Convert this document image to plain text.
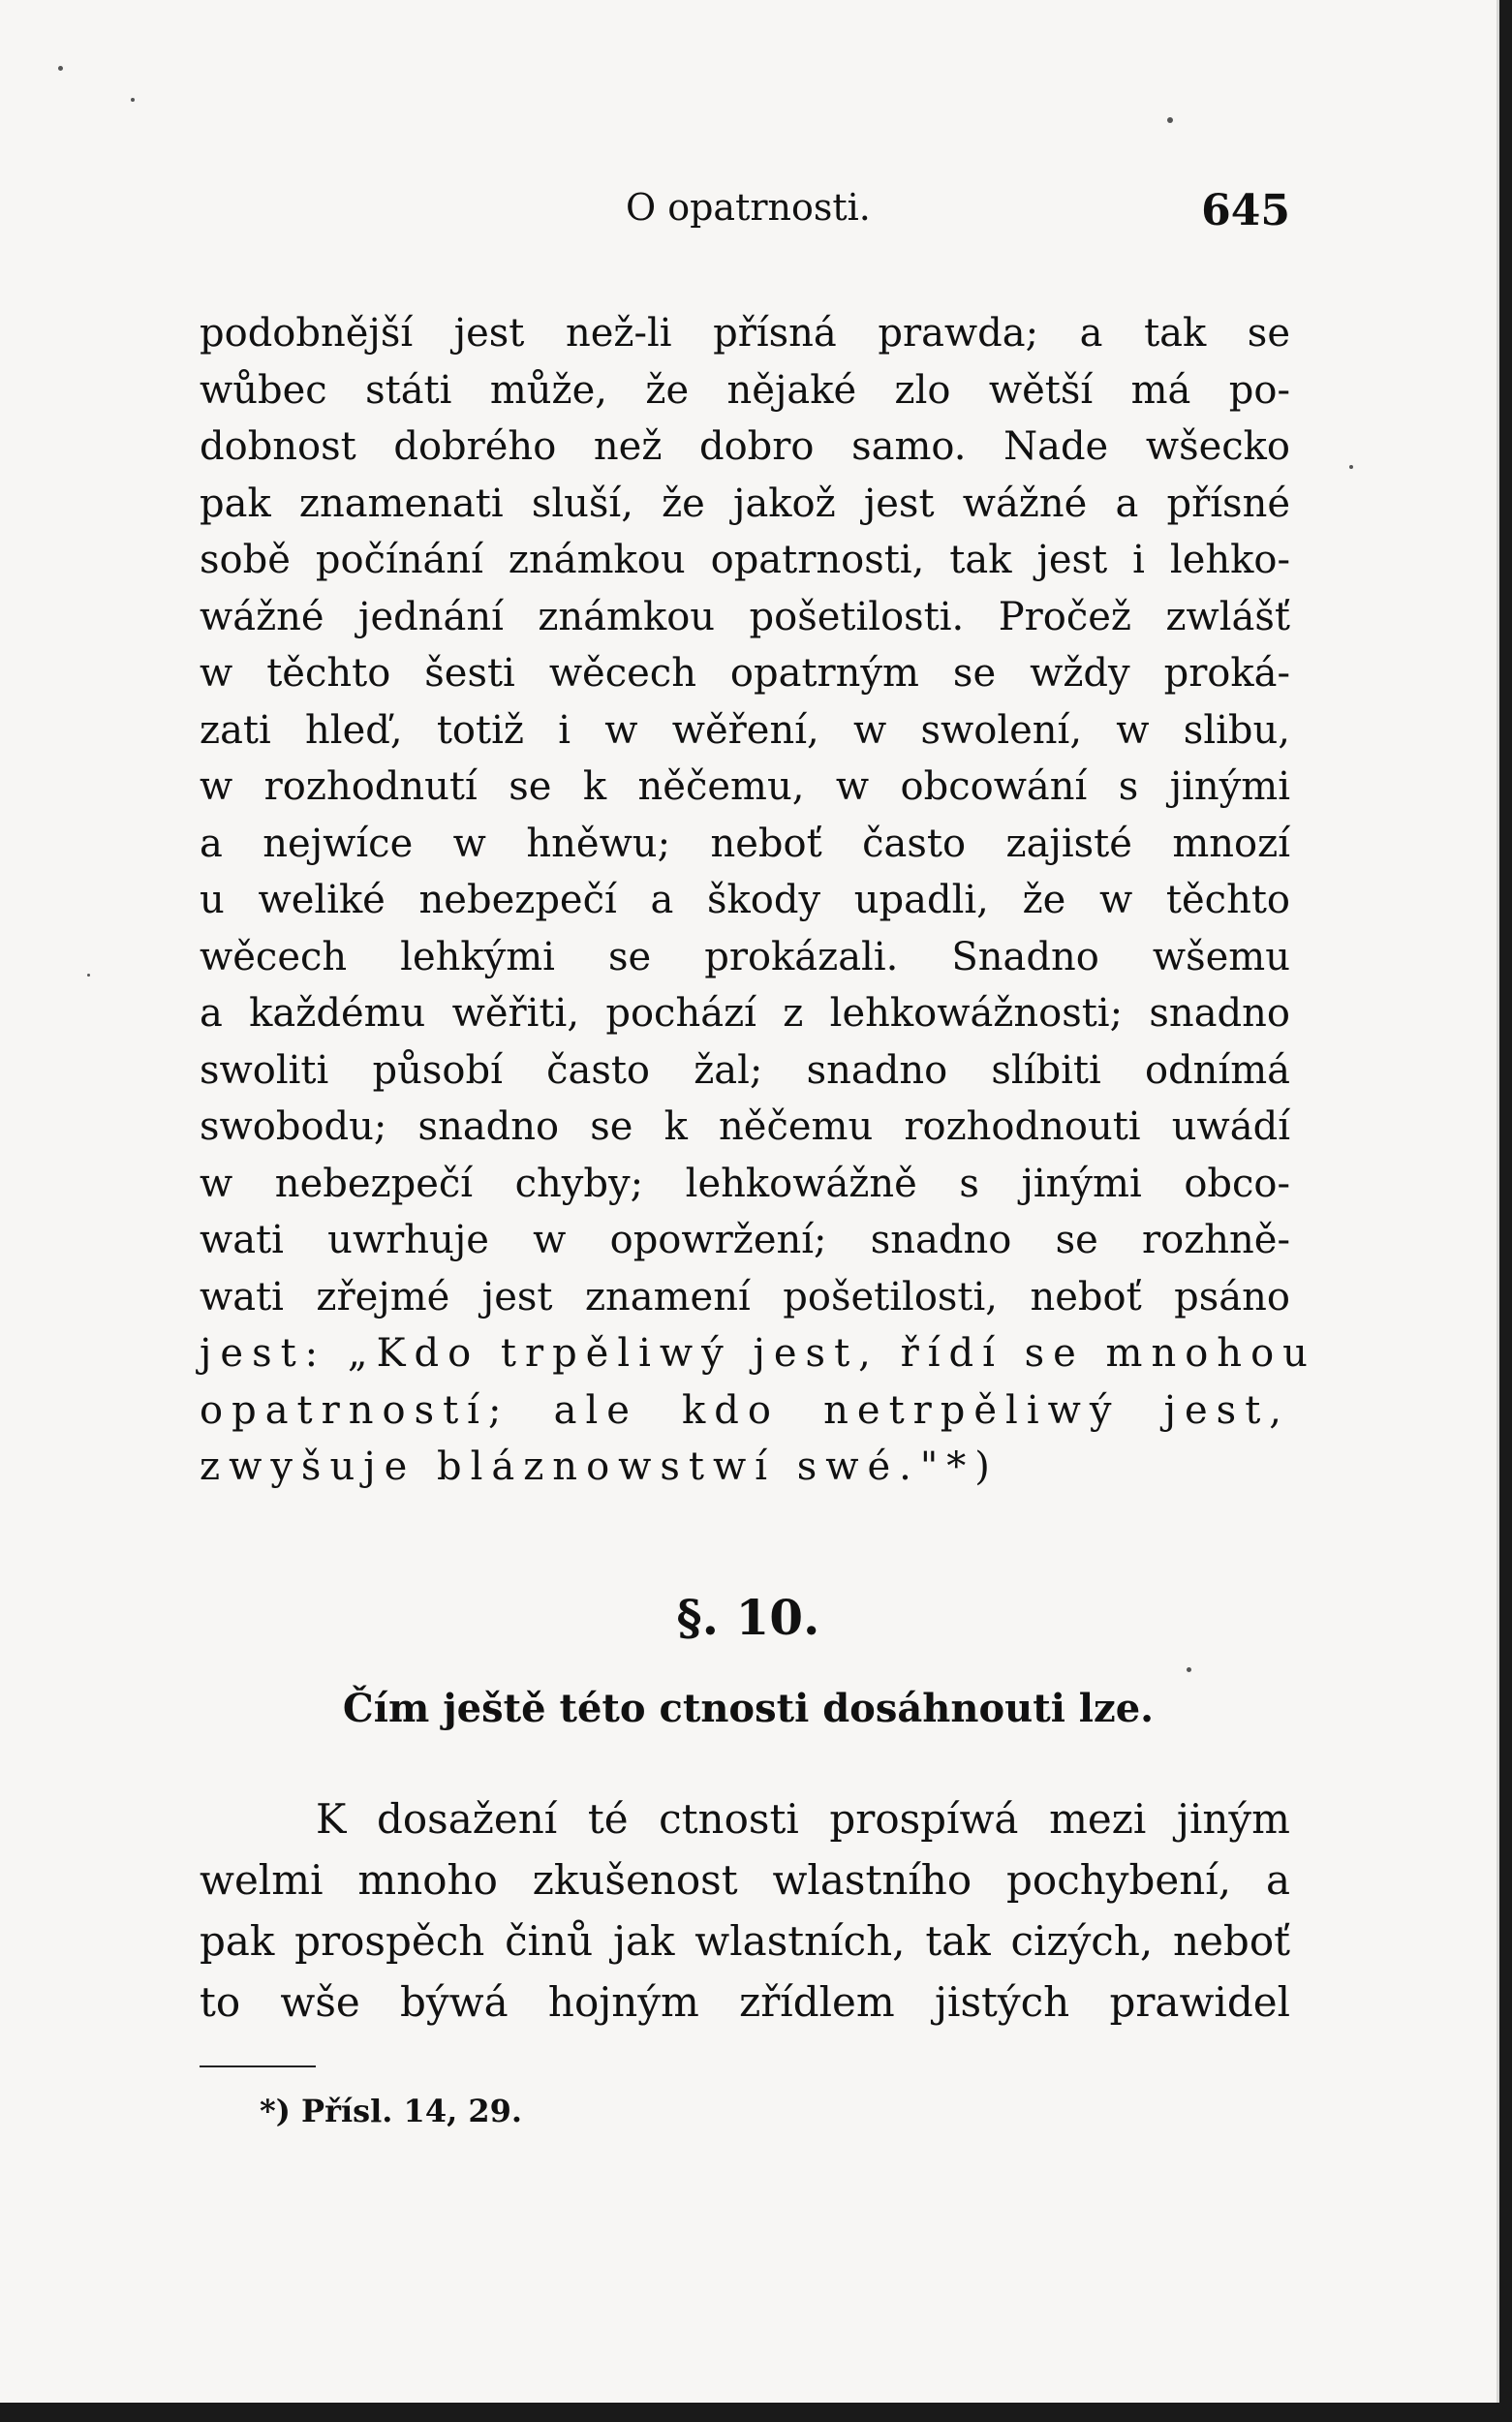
O opatrnosti.	645
podobnější jest než-li přísná prawda; a tak se
wůbec státi může, že nějaké zlo wětší má po-
dobnost dobrého než dobro samo. Nade wšecko
pak znamenati sluší, že jakož jest wážné a přísné
sobě počínání známkou opatrnosti, tak jest i lehko-
wážné jednání známkou pošetilosti. Pročež zwlášť
w těchto šesti wěcech opatrným se wždy proká-
zati hleď, totiž i w wěření, w swolení, w slibu,
w rozhodnutí se k něčemu, w obcowání s jinými
a nejwíce w hněwu; neboť často zajisté mnozí
u weliké nebezpečí a škody upadli, že w těchto
wěcech lehkými se prokázali. Snadno wšemu
a každému wěřiti, pochází z lehkowážnosti; snadno
swoliti působí často žal; snadno slíbiti odnímá
swobodu; snadno se k něčemu rozhodnouti uwádí
w nebezpečí chyby; lehkowážně s jinými obco-
wati uwrhuje w opowržení; snadno se rozhně-
wati zřejmé jest znamení pošetilosti, neboť psáno
jest: „Kdo trpěliwý jest, řídí se mnohou
opatrností; ale kdo netrpěliwý jest,
zwyšuje bláznowstwí swé."*)
§. 10.
Čím ještě této ctnosti dosáhnouti lze.
K dosažení té ctnosti prospíwá mezi jiným
welmi mnoho zkušenost wlastního pochybení, a
pak prospěch činů jak wlastních, tak cizých, neboť
to wše býwá hojným zřídlem jistých prawidel
*) Přísl. 14, 29.
